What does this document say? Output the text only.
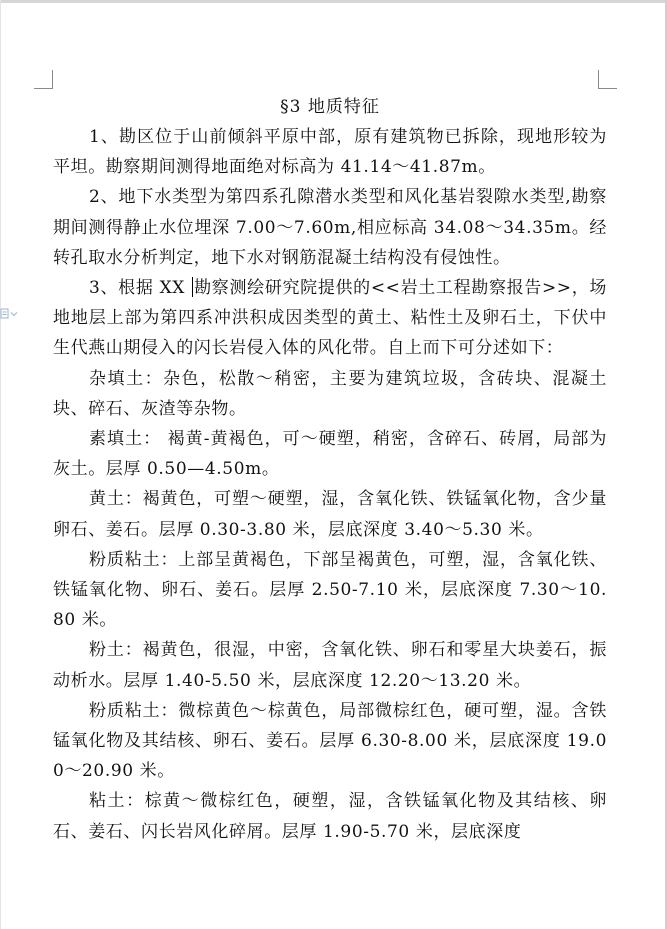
§3 地质特征

1、勘区位于山前倾斜平原中部，原有建筑物已拆除，现地形较为平坦。勘察期间测得地面绝对标高为 41.14～41.87m。

2、地下水类型为第四系孔隙潜水类型和风化基岩裂隙水类型,勘察期间测得静止水位埋深 7.00～7.60m,相应标高 34.08～34.35m。经转孔取水分析判定，地下水对钢筋混凝土结构没有侵蚀性。

3、根据 XX 勘察测绘研究院提供的<<岩土工程勘察报告>>，场地地层上部为第四系冲洪积成因类型的黄土、粘性土及卵石土，下伏中生代燕山期侵入的闪长岩侵入体的风化带。自上而下可分述如下：

杂填土：杂色，松散～稍密，主要为建筑垃圾，含砖块、混凝土块、碎石、灰渣等杂物。

素填土： 褐黄-黄褐色，可～硬塑，稍密，含碎石、砖屑，局部为灰土。层厚 0.50—4.50m。

黄土：褐黄色，可塑～硬塑，湿，含氧化铁、铁锰氧化物，含少量卵石、姜石。层厚 0.30-3.80 米，层底深度 3.40～5.30 米。

粉质粘土：上部呈黄褐色，下部呈褐黄色，可塑，湿，含氧化铁、铁锰氧化物、卵石、姜石。层厚 2.50-7.10 米，层底深度 7.30～10.80 米。

粉土：褐黄色，很湿，中密，含氧化铁、卵石和零星大块姜石，振动析水。层厚 1.40-5.50 米，层底深度 12.20～13.20 米。

粉质粘土：微棕黄色～棕黄色，局部微棕红色，硬可塑，湿。含铁锰氧化物及其结核、卵石、姜石。层厚 6.30-8.00 米，层底深度 19.00～20.90 米。

粘土：棕黄～微棕红色，硬塑，湿，含铁锰氧化物及其结核、卵石、姜石、闪长岩风化碎屑。层厚 1.90-5.70 米，层底深度
